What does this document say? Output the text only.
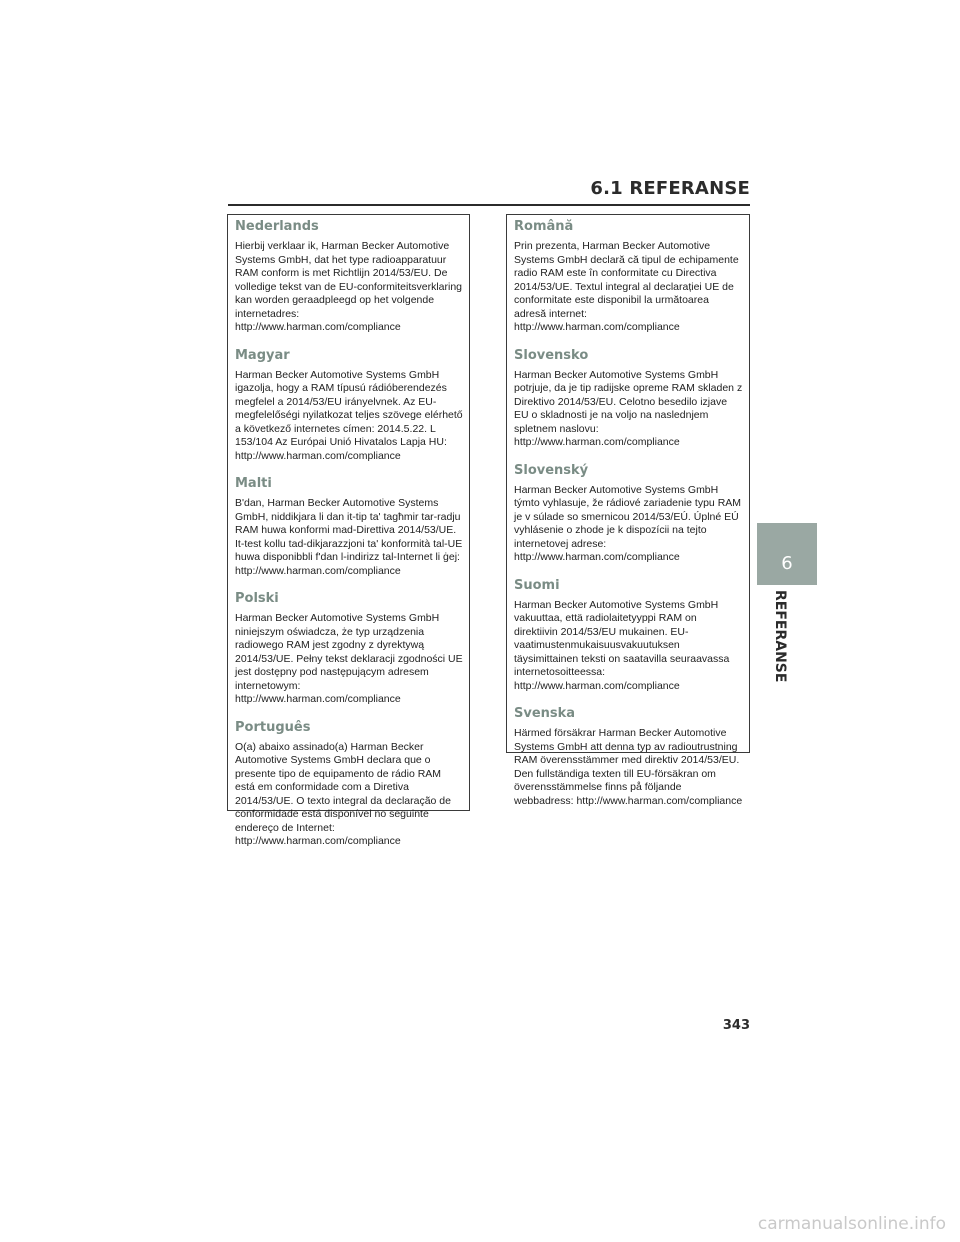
6.1 REFERANSE
Nederlands

Hierbij verklaar ik, Harman Becker Automotive Systems GmbH, dat het type radioapparatuur RAM conform is met Richtlijn 2014/53/EU. De volledige tekst van de EU-conformiteitsverklaring kan worden geraadpleegd op het volgende internetadres: http://www.harman.com/compliance

Magyar

Harman Becker Automotive Systems GmbH igazolja, hogy a RAM típusú rádióberendezés megfelel a 2014/53/EU irányelvnek. Az EU-megfelelőségi nyilatkozat teljes szövege elérhető a következő internetes címen: 2014.5.22. L 153/104 Az Európai Unió Hivatalos Lapja HU: http://www.harman.com/compliance

Malti

B'dan, Harman Becker Automotive Systems GmbH, niddikjara li dan it-tip ta' tagħmir tar-radju RAM huwa konformi mad-Direttiva 2014/53/UE. It-test kollu tad-dikjarazzjoni ta' konformità tal-UE huwa disponibbli f'dan l-indirizz tal-Internet li ġej: http://www.harman.com/compliance

Polski

Harman Becker Automotive Systems GmbH niniejszym oświadcza, że typ urządzenia radiowego RAM jest zgodny z dyrektywą 2014/53/UE. Pełny tekst deklaracji zgodności UE jest dostępny pod następującym adresem internetowym: http://www.harman.com/compliance

Português

O(a) abaixo assinado(a) Harman Becker Automotive Systems GmbH declara que o presente tipo de equipamento de rádio RAM está em conformidade com a Diretiva 2014/53/UE. O texto integral da declaração de conformidade está disponível no seguinte endereço de Internet: http://www.harman.com/compliance

Română

Prin prezenta, Harman Becker Automotive Systems GmbH declară că tipul de echipamente radio RAM este în conformitate cu Directiva 2014/53/UE. Textul integral al declarației UE de conformitate este disponibil la următoarea adresă internet: http://www.harman.com/compliance

Slovensko

Harman Becker Automotive Systems GmbH potrjuje, da je tip radijske opreme RAM skladen z Direktivo 2014/53/EU. Celotno besedilo izjave EU o skladnosti je na voljo na naslednjem spletnem naslovu: http://www.harman.com/compliance

Slovenský

Harman Becker Automotive Systems GmbH týmto vyhlasuje, že rádiové zariadenie typu RAM je v súlade so smernicou 2014/53/EÚ. Úplné EÚ vyhlásenie o zhode je k dispozícii na tejto internetovej adrese: http://www.harman.com/compliance

Suomi

Harman Becker Automotive Systems GmbH vakuuttaa, että radiolaitetyyppi RAM on direktiivin 2014/53/EU mukainen. EU-vaatimustenmukaisuusvakuutuksen täysimittainen teksti on saatavilla seuraavassa internetosoitteessa: http://www.harman.com/compliance

Svenska

Härmed försäkrar Harman Becker Automotive Systems GmbH att denna typ av radioutrustning RAM överensstämmer med direktiv 2014/53/EU. Den fullständiga texten till EU-försäkran om överensstämmelse finns på följande webbadress: http://www.harman.com/compliance

6
REFERANSE
343
carmanualsonline.info
